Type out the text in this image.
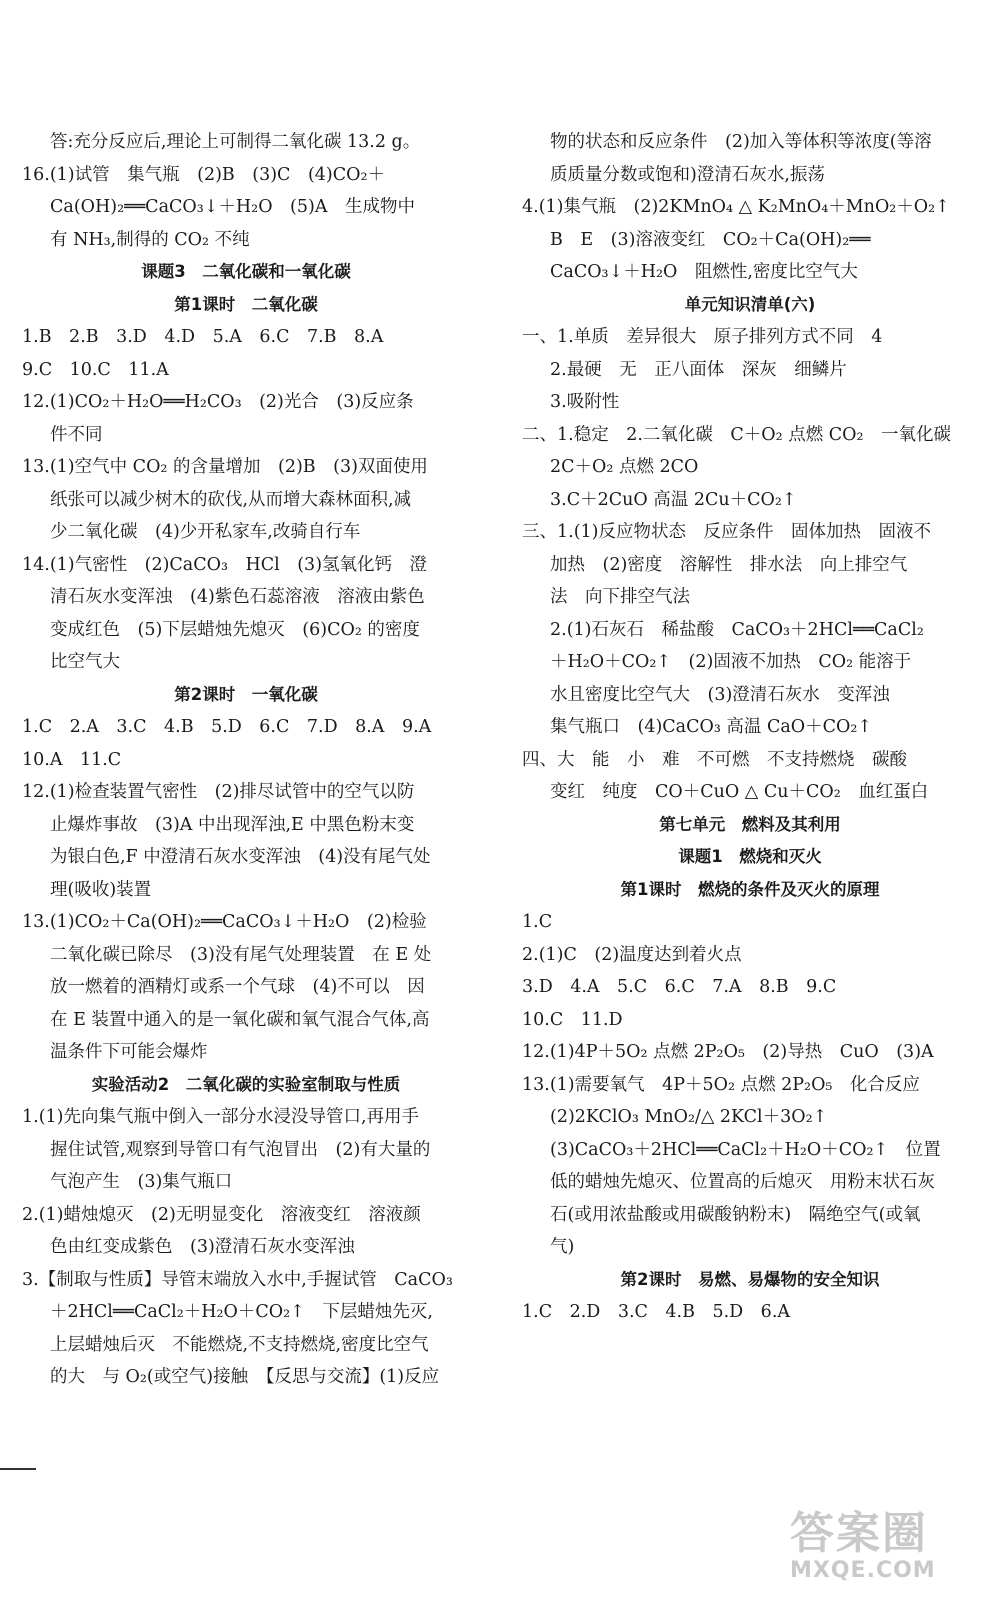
答:充分反应后,理论上可制得二氧化碳 13.2 g。
16.(1)试管　集气瓶　(2)B　(3)C　(4)CO₂＋
Ca(OH)₂══CaCO₃↓＋H₂O　(5)A　生成物中
有 NH₃,制得的 CO₂ 不纯
课题3　二氧化碳和一氧化碳
第1课时　二氧化碳
1.B　2.B　3.D　4.D　5.A　6.C　7.B　8.A
9.C　10.C　11.A
12.(1)CO₂＋H₂O══H₂CO₃　(2)光合　(3)反应条
件不同
13.(1)空气中 CO₂ 的含量增加　(2)B　(3)双面使用
纸张可以减少树木的砍伐,从而增大森林面积,减
少二氧化碳　(4)少开私家车,改骑自行车
14.(1)气密性　(2)CaCO₃　HCl　(3)氢氧化钙　澄
清石灰水变浑浊　(4)紫色石蕊溶液　溶液由紫色
变成红色　(5)下层蜡烛先熄灭　(6)CO₂ 的密度
比空气大
第2课时　一氧化碳
1.C　2.A　3.C　4.B　5.D　6.C　7.D　8.A　9.A
10.A　11.C
12.(1)检查装置气密性　(2)排尽试管中的空气以防
止爆炸事故　(3)A 中出现浑浊,E 中黑色粉末变
为银白色,F 中澄清石灰水变浑浊　(4)没有尾气处
理(吸收)装置
13.(1)CO₂＋Ca(OH)₂══CaCO₃↓＋H₂O　(2)检验
二氧化碳已除尽　(3)没有尾气处理装置　在 E 处
放一燃着的酒精灯或系一个气球　(4)不可以　因
在 E 装置中通入的是一氧化碳和氧气混合气体,高
温条件下可能会爆炸
实验活动2　二氧化碳的实验室制取与性质
1.(1)先向集气瓶中倒入一部分水浸没导管口,再用手
握住试管,观察到导管口有气泡冒出　(2)有大量的
气泡产生　(3)集气瓶口
2.(1)蜡烛熄灭　(2)无明显变化　溶液变红　溶液颜
色由红变成紫色　(3)澄清石灰水变浑浊
3.【制取与性质】导管末端放入水中,手握试管　CaCO₃
＋2HCl══CaCl₂＋H₂O＋CO₂↑　下层蜡烛先灭,
上层蜡烛后灭　不能燃烧,不支持燃烧,密度比空气
的大　与 O₂(或空气)接触　【反思与交流】(1)反应
物的状态和反应条件　(2)加入等体积等浓度(等溶
质质量分数或饱和)澄清石灰水,振荡
4.(1)集气瓶　(2)2KMnO₄ △ K₂MnO₄＋MnO₂＋O₂↑
B　E　(3)溶液变红　CO₂＋Ca(OH)₂══
CaCO₃↓＋H₂O　阻燃性,密度比空气大
单元知识清单(六)
一、1.单质　差异很大　原子排列方式不同　4
2.最硬　无　正八面体　深灰　细鳞片
3.吸附性
二、1.稳定　2.二氧化碳　C＋O₂ 点燃 CO₂　一氧化碳
2C＋O₂ 点燃 2CO
3.C＋2CuO 高温 2Cu＋CO₂↑
三、1.(1)反应物状态　反应条件　固体加热　固液不
加热　(2)密度　溶解性　排水法　向上排空气
法　向下排空气法
2.(1)石灰石　稀盐酸　CaCO₃＋2HCl══CaCl₂
＋H₂O＋CO₂↑　(2)固液不加热　CO₂ 能溶于
水且密度比空气大　(3)澄清石灰水　变浑浊
集气瓶口　(4)CaCO₃ 高温 CaO＋CO₂↑
四、大　能　小　难　不可燃　不支持燃烧　碳酸
变红　纯度　CO＋CuO △ Cu＋CO₂　血红蛋白
第七单元　燃料及其利用
课题1　燃烧和灭火
第1课时　燃烧的条件及灭火的原理
1.C
2.(1)C　(2)温度达到着火点
3.D　4.A　5.C　6.C　7.A　8.B　9.C
10.C　11.D
12.(1)4P＋5O₂ 点燃 2P₂O₅　(2)导热　CuO　(3)A
13.(1)需要氧气　4P＋5O₂ 点燃 2P₂O₅　化合反应
(2)2KClO₃ MnO₂/△ 2KCl＋3O₂↑
(3)CaCO₃＋2HCl══CaCl₂＋H₂O＋CO₂↑　位置
低的蜡烛先熄灭、位置高的后熄灭　用粉末状石灰
石(或用浓盐酸或用碳酸钠粉末)　隔绝空气(或氧
气)
第2课时　易燃、易爆物的安全知识
1.C　2.D　3.C　4.B　5.D　6.A
答案圈
MXQE.COM
